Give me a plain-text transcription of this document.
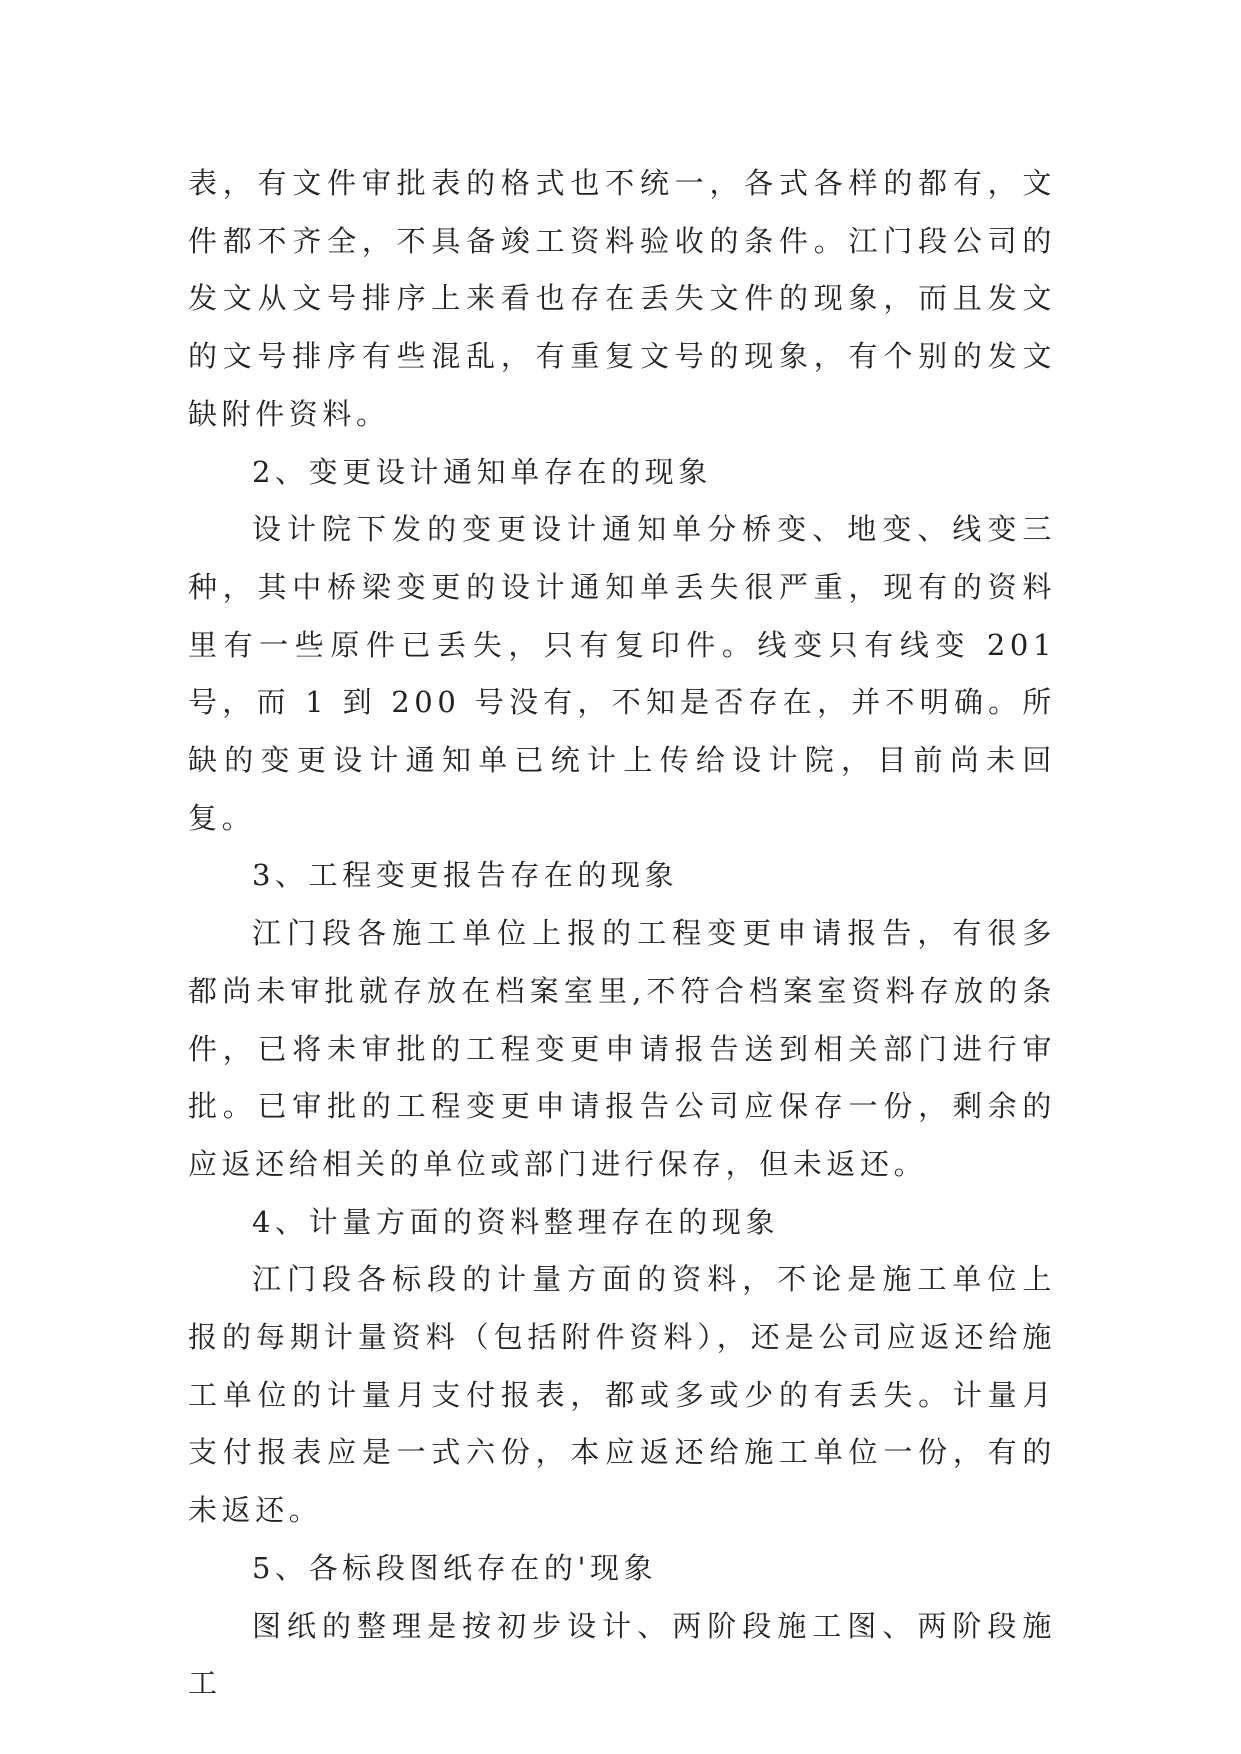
表，有文件审批表的格式也不统一，各式各样的都有，文件都不齐全，不具备竣工资料验收的条件。江门段公司的发文从文号排序上来看也存在丢失文件的现象，而且发文的文号排序有些混乱，有重复文号的现象，有个别的发文缺附件资料。

2、变更设计通知单存在的现象

设计院下发的变更设计通知单分桥变、地变、线变三种，其中桥梁变更的设计通知单丢失很严重，现有的资料里有一些原件已丢失，只有复印件。线变只有线变 201 号，而 1 到 200 号没有，不知是否存在，并不明确。所缺的变更设计通知单已统计上传给设计院，目前尚未回复。

3、工程变更报告存在的现象

江门段各施工单位上报的工程变更申请报告，有很多都尚未审批就存放在档案室里,不符合档案室资料存放的条件，已将未审批的工程变更申请报告送到相关部门进行审批。已审批的工程变更申请报告公司应保存一份，剩余的应返还给相关的单位或部门进行保存，但未返还。

4、计量方面的资料整理存在的现象

江门段各标段的计量方面的资料，不论是施工单位上报的每期计量资料（包括附件资料），还是公司应返还给施工单位的计量月支付报表，都或多或少的有丢失。计量月支付报表应是一式六份，本应返还给施工单位一份，有的未返还。

5、各标段图纸存在的'现象

图纸的整理是按初步设计、两阶段施工图、两阶段施工
